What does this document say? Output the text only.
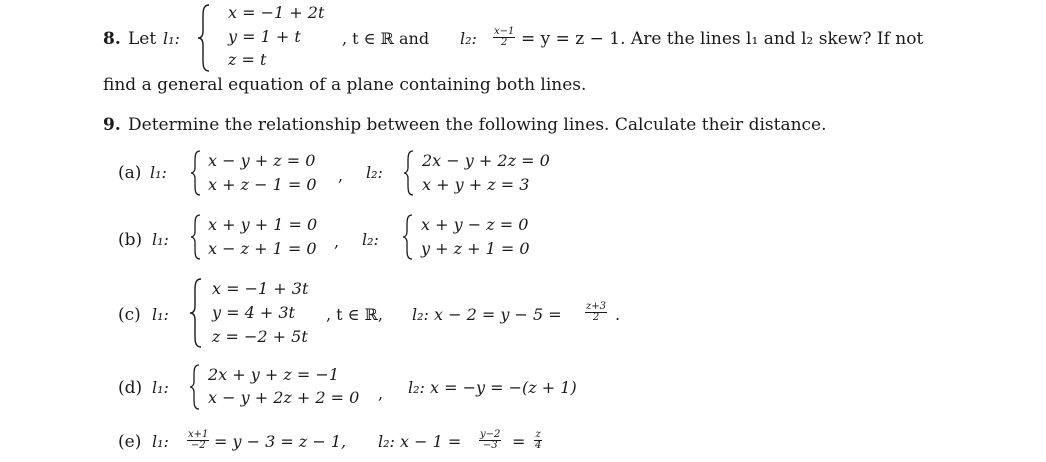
8. Let l₁:
x = −1 + 2t
y = 1 + t
z = t
, t ∈ ℝ and l₂: $\frac{x-1}{2} = y = z - 1$. Are the lines l₁ and l₂ skew? If not
find a general equation of a plane containing both lines.
9. Determine the relationship between the following lines. Calculate their distance.
(a) l₁:
x − y + z = 0
x + z − 1 = 0 , l₂:
2x − y + 2z = 0
x + y + z = 3
(b) l₁:
x + y + 1 = 0
x − z + 1 = 0 , l₂:
x + y − z = 0
y + z + 1 = 0
(c) l₁:
x = −1 + 3t
y = 4 + 3t
z = −2 + 5t
, t ∈ ℝ, l₂: $x - 2 = y - 5 = \frac{z+3}{2}$ .
(d) l₁:
2x + y + z = −1
x − y + 2z + 2 = 0 , l₂: x = −y = −(z + 1)
(e) l₁: $\frac{x+1}{-2} = y - 3 = z - 1$, l₂: $x - 1 = \frac{y-2}{-3} = \frac{z}{4}$
